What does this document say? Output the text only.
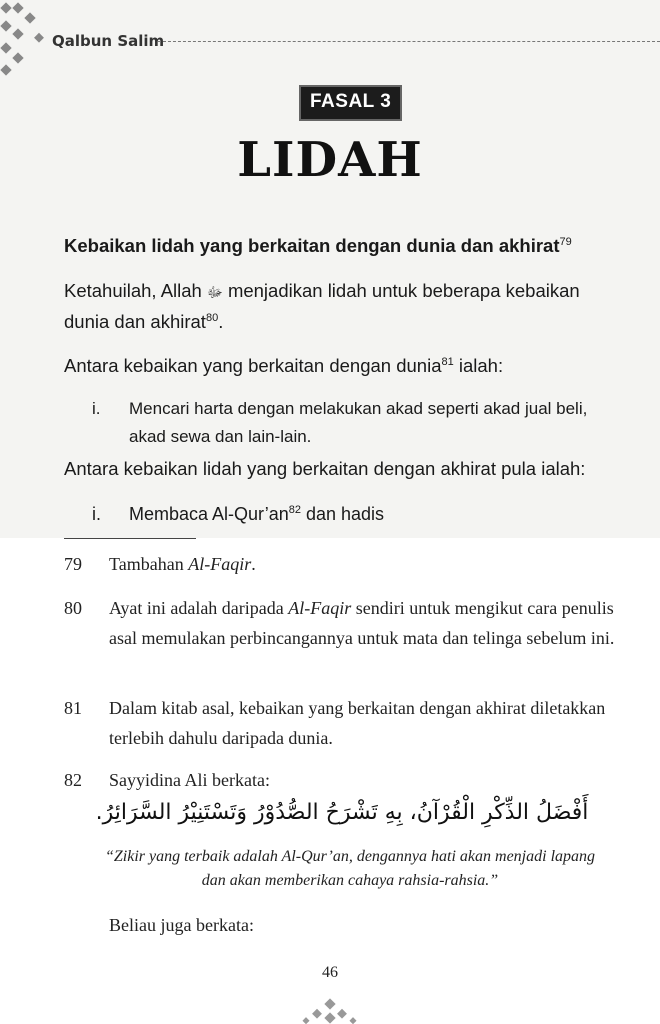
Qalbun Salim
FASAL 3
LIDAH
Kebaikan lidah yang berkaitan dengan dunia dan akhirat$^{79}$
Ketahuilah, Allah ﷻ menjadikan lidah untuk beberapa kebaikan dunia dan akhirat$^{80}$.
Antara kebaikan yang berkaitan dengan dunia$^{81}$ ialah:
i. Mencari harta dengan melakukan akad seperti akad jual beli, akad sewa dan lain-lain.
Antara kebaikan lidah yang berkaitan dengan akhirat pula ialah:
i. Membaca $Al-Qur’an^{82}$ dan hadis
79 Tambahan Al-Faqir.
80 Ayat ini adalah daripada Al-Faqir sendiri untuk mengikut cara penulis asal memulakan perbincangannya untuk mata dan telinga sebelum ini.
81 Dalam kitab asal, kebaikan yang berkaitan dengan akhirat diletakkan terlebih dahulu daripada dunia.
82 Sayyidina Ali berkata:
أَفْضَلُ الذِّكْرِ الْقُرْآنُ، بِهِ تَشْرَحُ الصُّدُوْرُ وَتَسْتَنِيْرُ السَّرَائِرُ.
“Zikir yang terbaik adalah Al-Qur’an, dengannya hati akan menjadi lapang dan akan memberikan cahaya rahsia-rahsia.”
Beliau juga berkata:
46
